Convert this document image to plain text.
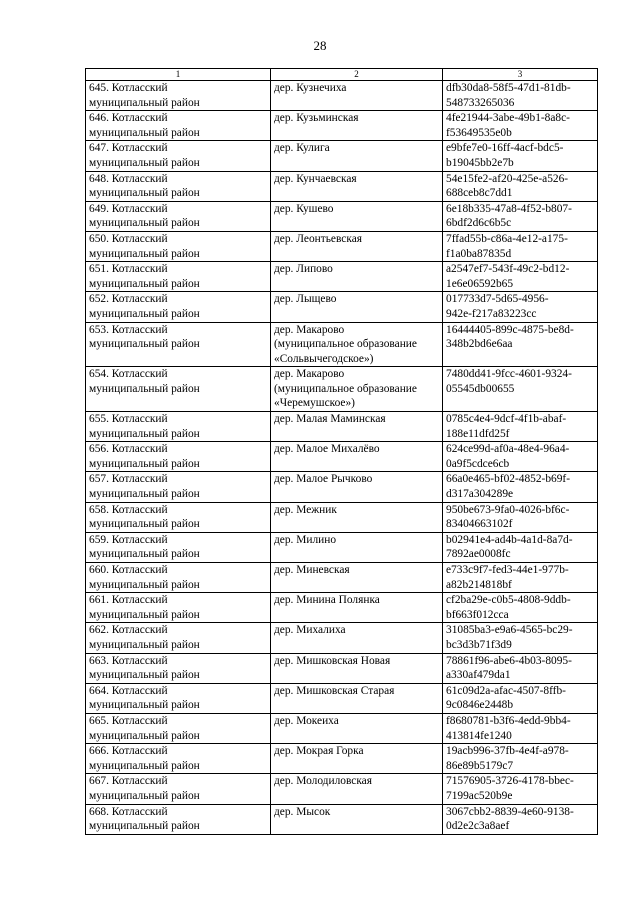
28
1	2	3

645. Котласский
муниципальный район	дер. Кузнечиха	dfb30da8-58f5-47d1-81db-
548733265036

646. Котласский
муниципальный район	дер. Кузьминская	4fe21944-3abe-49b1-8a8c-
f53649535e0b

647. Котласский
муниципальный район	дер. Кулига	e9bfe7e0-16ff-4acf-bdc5-
b19045bb2e7b

648. Котласский
муниципальный район	дер. Кунчаевская	54e15fe2-af20-425e-a526-
688ceb8c7dd1

649. Котласский
муниципальный район	дер. Кушево	6e18b335-47a8-4f52-b807-
6bdf2d6c6b5c

650. Котласский
муниципальный район	дер. Леонтьевская	7ffad55b-c86a-4e12-a175-
f1a0ba87835d

651. Котласский
муниципальный район	дер. Липово	a2547ef7-543f-49c2-bd12-
1e6e06592b65

652. Котласский
муниципальный район	дер. Лыщево	017733d7-5d65-4956-
942e-f217a83223cc

653. Котласский
муниципальный район	дер. Макарово
(муниципальное образование
«Сольвычегодское»)	16444405-899c-4875-be8d-
348b2bd6e6aa

654. Котласский
муниципальный район	дер. Макарово
(муниципальное образование
«Черемушское»)	7480dd41-9fcc-4601-9324-
05545db00655

655. Котласский
муниципальный район	дер. Малая Маминская	0785c4e4-9dcf-4f1b-abaf-
188e11dfd25f

656. Котласский
муниципальный район	дер. Малое Михалёво	624ce99d-af0a-48e4-96a4-
0a9f5cdce6cb

657. Котласский
муниципальный район	дер. Малое Рычково	66a0e465-bf02-4852-b69f-
d317a304289e

658. Котласский
муниципальный район	дер. Межник	950be673-9fa0-4026-bf6c-
83404663102f

659. Котласский
муниципальный район	дер. Милино	b02941e4-ad4b-4a1d-8a7d-
7892ae0008fc

660. Котласский
муниципальный район	дер. Миневская	e733c9f7-fed3-44e1-977b-
a82b214818bf

661. Котласский
муниципальный район	дер. Минина Полянка	cf2ba29e-c0b5-4808-9ddb-
bf663f012cca

662. Котласский
муниципальный район	дер. Михалиха	31085ba3-e9a6-4565-bc29-
bc3d3b71f3d9

663. Котласский
муниципальный район	дер. Мишковская Новая	78861f96-abe6-4b03-8095-
a330af479da1

664. Котласский
муниципальный район	дер. Мишковская Старая	61c09d2a-afac-4507-8ffb-
9c0846e2448b

665. Котласский
муниципальный район	дер. Мокеиха	f8680781-b3f6-4edd-9bb4-
413814fe1240

666. Котласский
муниципальный район	дер. Мокрая Горка	19acb996-37fb-4e4f-a978-
86e89b5179c7

667. Котласский
муниципальный район	дер. Молодиловская	71576905-3726-4178-bbec-
7199ac520b9e

668. Котласский
муниципальный район	дер. Мысок	3067cbb2-8839-4e60-9138-
0d2e2c3a8aef
